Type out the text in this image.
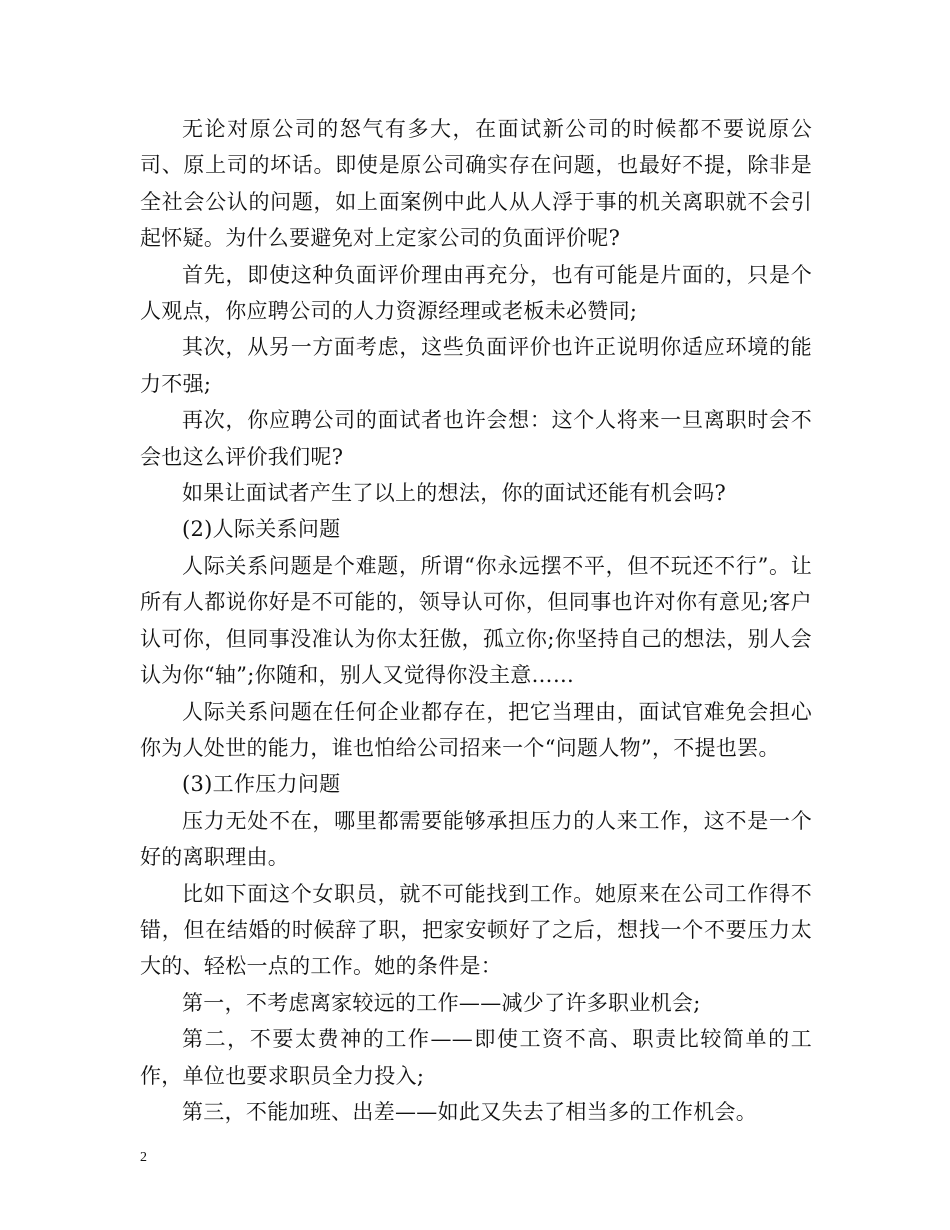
无论对原公司的怒气有多大，在面试新公司的时候都不要说原公司、原上司的坏话。即使是原公司确实存在问题，也最好不提，除非是全社会公认的问题，如上面案例中此人从人浮于事的机关离职就不会引起怀疑。为什么要避免对上定家公司的负面评价呢?

首先，即使这种负面评价理由再充分，也有可能是片面的，只是个人观点，你应聘公司的人力资源经理或老板未必赞同;

其次，从另一方面考虑，这些负面评价也许正说明你适应环境的能力不强;

再次，你应聘公司的面试者也许会想：这个人将来一旦离职时会不会也这么评价我们呢?

如果让面试者产生了以上的想法，你的面试还能有机会吗?

(2)人际关系问题

人际关系问题是个难题，所谓“你永远摆不平，但不玩还不行”。让所有人都说你好是不可能的，领导认可你，但同事也许对你有意见;客户认可你，但同事没准认为你太狂傲，孤立你;你坚持自己的想法，别人会认为你“轴”;你随和，别人又觉得你没主意……

人际关系问题在任何企业都存在，把它当理由，面试官难免会担心你为人处世的能力，谁也怕给公司招来一个“问题人物”，不提也罢。

(3)工作压力问题

压力无处不在，哪里都需要能够承担压力的人来工作，这不是一个好的离职理由。

比如下面这个女职员，就不可能找到工作。她原来在公司工作得不错，但在结婚的时候辞了职，把家安顿好了之后，想找一个不要压力太大的、轻松一点的工作。她的条件是：

第一，不考虑离家较远的工作——减少了许多职业机会;

第二，不要太费神的工作——即使工资不高、职责比较简单的工作，单位也要求职员全力投入;

第三，不能加班、出差——如此又失去了相当多的工作机会。

2
